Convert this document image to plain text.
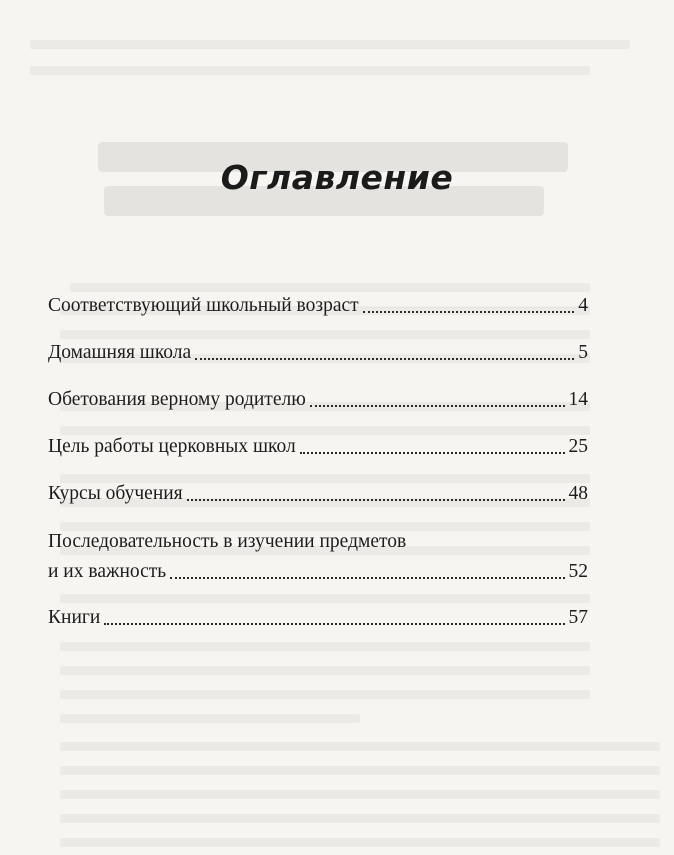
Оглавление
Соответствующий школьный возраст	4
Домашняя школа	5
Обетования верному родителю	14
Цель работы церковных школ	25
Курсы обучения	48
Последовательность в изучении предметов
и их важность	52
Книги	57
